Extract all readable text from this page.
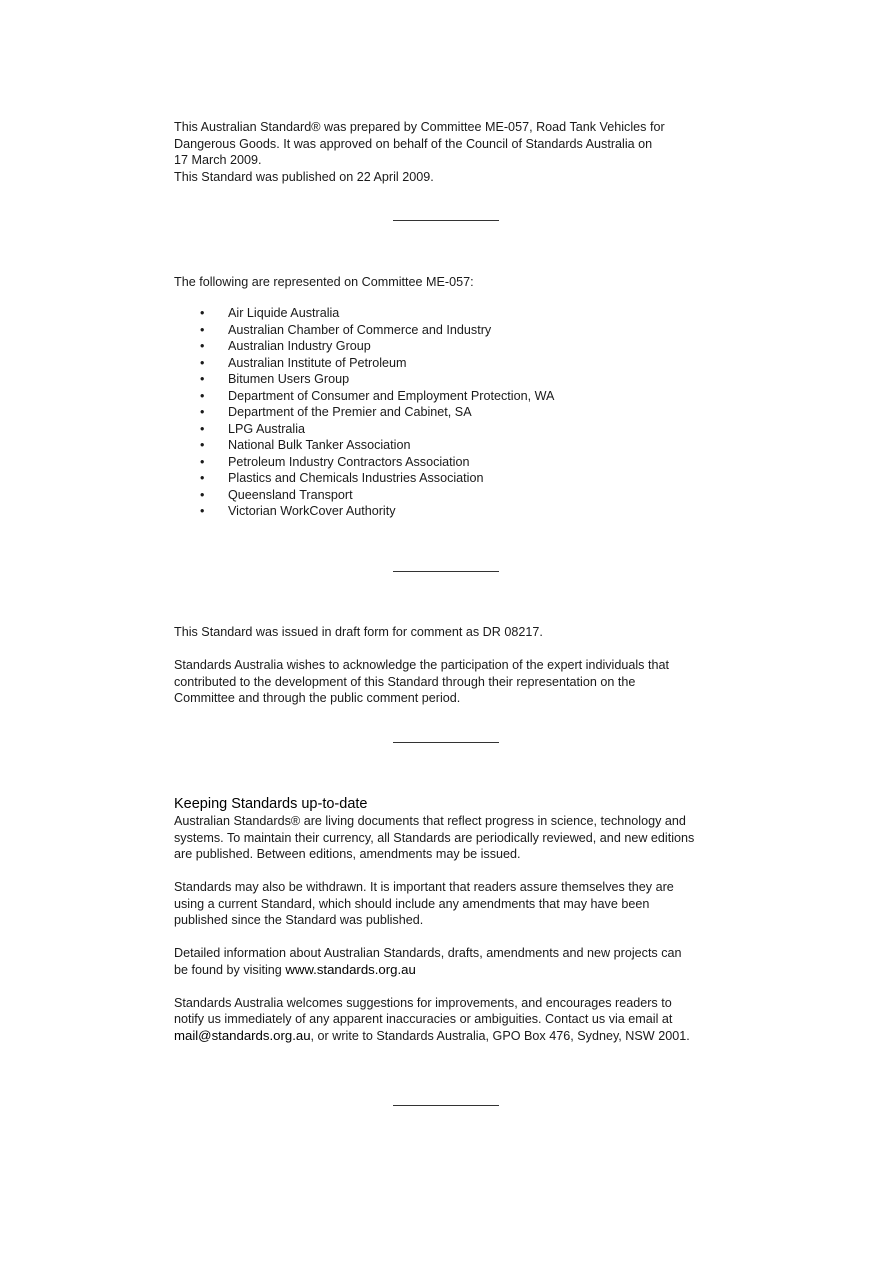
This Australian Standard® was prepared by Committee ME-057, Road Tank Vehicles for

Dangerous Goods. It was approved on behalf of the Council of Standards Australia on

17 March 2009.

This Standard was published on 22 April 2009.

The following are represented on Committee ME-057:

• Air Liquide Australia
• Australian Chamber of Commerce and Industry
• Australian Industry Group
• Australian Institute of Petroleum
• Bitumen Users Group
• Department of Consumer and Employment Protection, WA
• Department of the Premier and Cabinet, SA
• LPG Australia
• National Bulk Tanker Association
• Petroleum Industry Contractors Association
• Plastics and Chemicals Industries Association
• Queensland Transport
• Victorian WorkCover Authority

This Standard was issued in draft form for comment as DR 08217.

Standards Australia wishes to acknowledge the participation of the expert individuals that
contributed to the development of this Standard through their representation on the
Committee and through the public comment period.

Keeping Standards up-to-date

Australian Standards® are living documents that reflect progress in science, technology and
systems. To maintain their currency, all Standards are periodically reviewed, and new editions
are published. Between editions, amendments may be issued.

Standards may also be withdrawn. It is important that readers assure themselves they are
using a current Standard, which should include any amendments that may have been
published since the Standard was published.

Detailed information about Australian Standards, drafts, amendments and new projects can
be found by visiting www.standards.org.au

Standards Australia welcomes suggestions for improvements, and encourages readers to
notify us immediately of any apparent inaccuracies or ambiguities. Contact us via email at
mail@standards.org.au, or write to Standards Australia, GPO Box 476, Sydney, NSW 2001.
